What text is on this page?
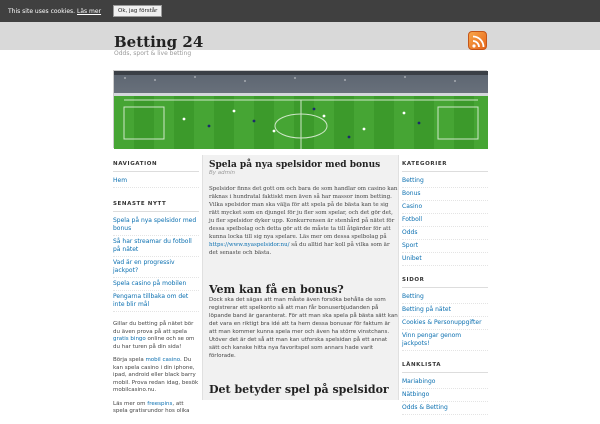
This site uses cookies. Läs mer	Ok, jag förstår
Betting 24
Odds, sport & live betting
NAVIGATION
Hem
SENASTE NYTT
Spela på nya spelsidor med bonus
Så har streamar du fotboll på nätet
Vad är en progressiv jackpot?
Spela casino på mobilen
Pengarna tillbaka om det inte blir mål
Gillar du betting på nätet bör du även prova på att spela gratis bingo online och se om du har turen på din sida!
Börja spela mobil casino. Du kan spela casino i din iphone, ipad, android eller black barry mobil. Prova redan idag, besök mobilcasino.nu.
Läs mer om freespins, att spela gratisrundor hos olika
Spela på nya spelsidor med bonus
By admin
Spelsidor finns det gott om och bara de som handlar om casino kan räknas i hundratal faktiskt men även så har massor inom betting. Vilka spelsidor man ska välja för att spela på de bästa kan te sig rätt mycket som en djungel för ju fler som spelar, och det gör det, ju fler spelsidor dyker upp. Konkurrensen är stenhård på nätet för dessa spelbolag och detta gör att de måste ta till åtgärder för att kunna locka till sig nya spelare. Läs mer om dessa spelbolag på https://www.nyaspelsidor.nu/ så du alltid har koll på vilka som är det senaste och bästa.
Vem kan få en bonus?
Dock ska det sägas att man måste även forsöka behålla de som registrerar ett spelkonto så att man får bonuserbjudanden på löpande band är garanterat. För att man ska spela på bästa sätt kan det vara en riktigt bra idé att ta hem dessa bonusar för faktum är att man kommer kunna spela mer och även ha större vinstchans. Utöver det är det så att man kan utforska spelsidan på ett annat sätt och kanske hitta nya favoritspel som annars hade varit förlorade.
Det betyder spel på spelsidor
KATEGORIER
Betting
Bonus
Casino
Fotboll
Odds
Sport
Unibet
SIDOR
Betting
Betting på nätet
Cookies & Personuppgifter
Vinn pengar genom jackpots!
LÄNKLISTA
Mariabingo
Nätbingo
Odds & Betting
